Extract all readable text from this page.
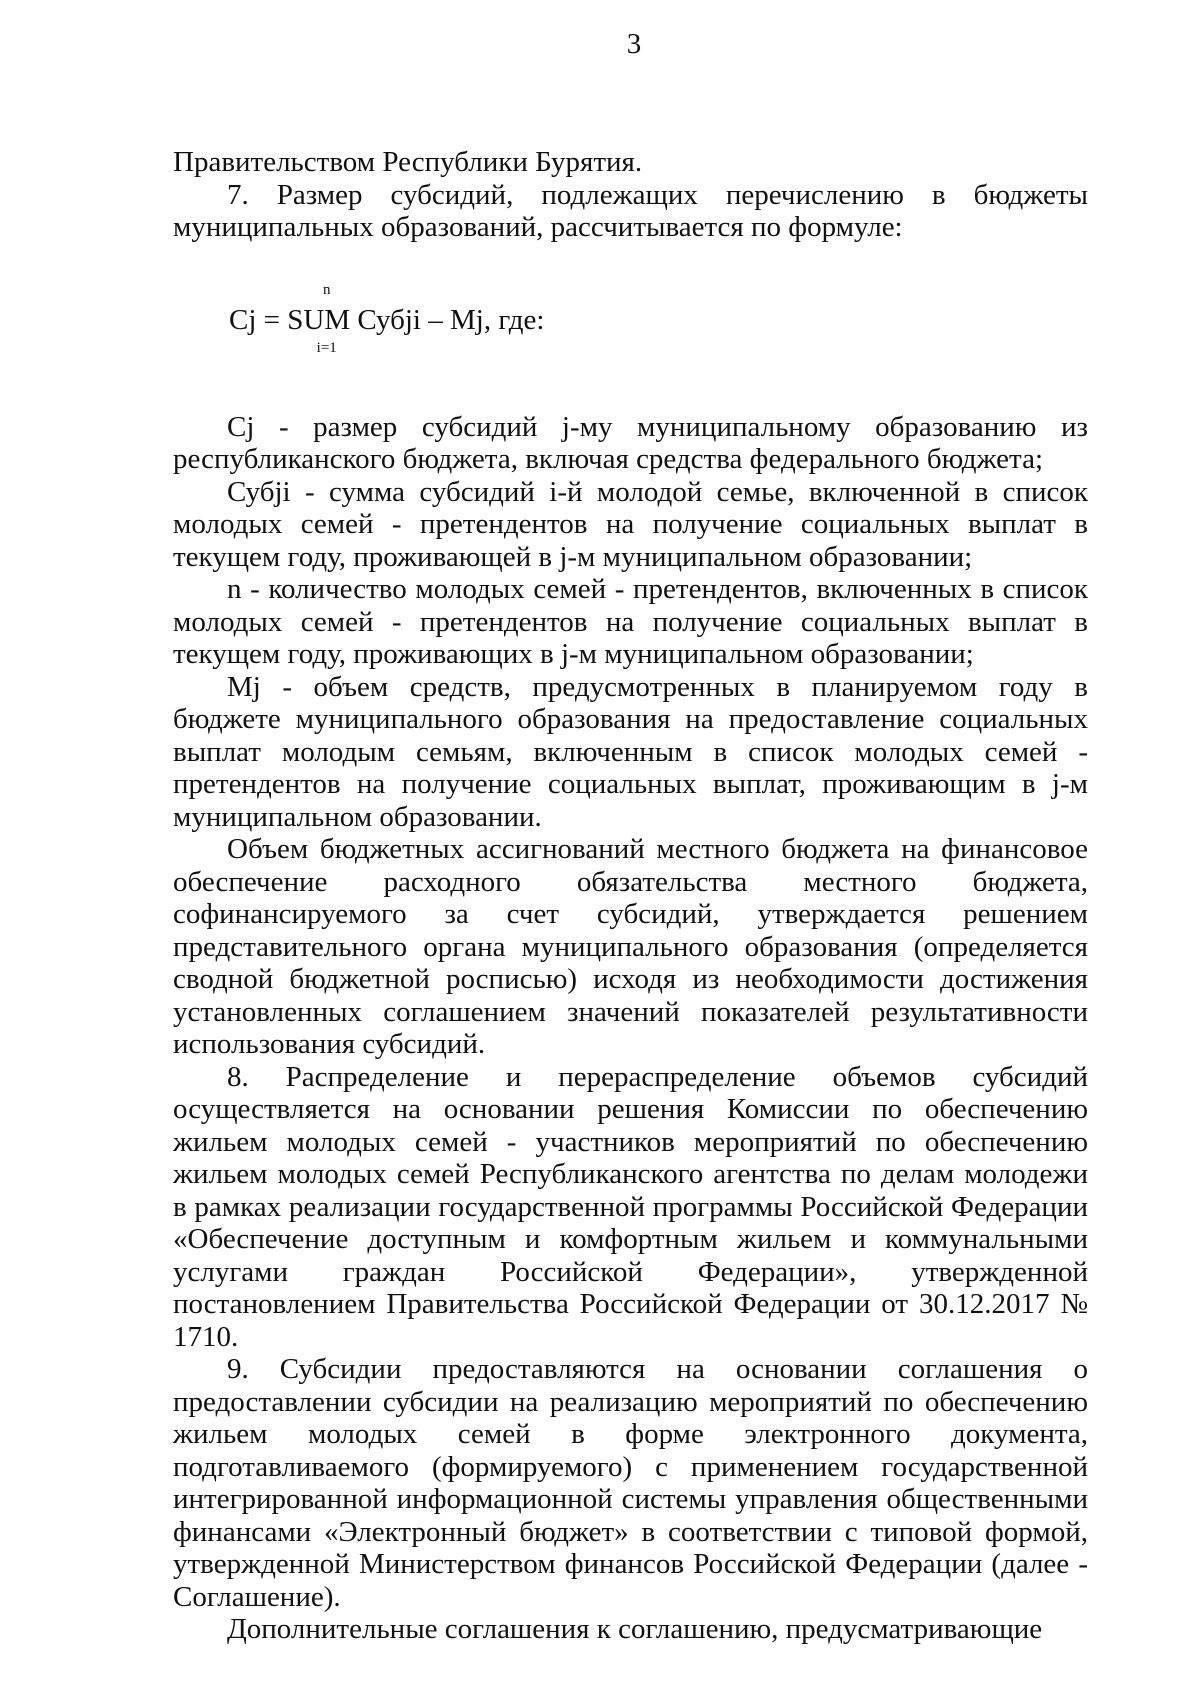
3

Правительством Республики Бурятия.

7. Размер субсидий, подлежащих перечислению в бюджеты муниципальных образований, рассчитывается по формуле:

Cj = SUM
n
i=1
Субji – Mj, где:

Cj - размер субсидий j-му муниципальному образованию из республиканского бюджета, включая средства федерального бюджета;

Субji - сумма субсидий i-й молодой семье, включенной в список молодых семей - претендентов на получение социальных выплат в текущем году, проживающей в j-м муниципальном образовании;

n - количество молодых семей - претендентов, включенных в список молодых семей - претендентов на получение социальных выплат в текущем году, проживающих в j-м муниципальном образовании;

Mj - объем средств, предусмотренных в планируемом году в бюджете муниципального образования на предоставление социальных выплат молодым семьям, включенным в список молодых семей - претендентов на получение социальных выплат, проживающим в j-м муниципальном образовании.

Объем бюджетных ассигнований местного бюджета на финансовое обеспечение расходного обязательства местного бюджета, софинансируемого за счет субсидий, утверждается решением представительного органа муниципального образования (определяется сводной бюджетной росписью) исходя из необходимости достижения установленных соглашением значений показателей результативности использования субсидий.

8. Распределение и перераспределение объемов субсидий осуществляется на основании решения Комиссии по обеспечению жильем молодых семей - участников мероприятий по обеспечению жильем молодых семей Республиканского агентства по делам молодежи в рамках реализации государственной программы Российской Федерации «Обеспечение доступным и комфортным жильем и коммунальными услугами граждан Российской Федерации», утвержденной постановлением Правительства Российской Федерации от 30.12.2017 № 1710.

9. Субсидии предоставляются на основании соглашения о предоставлении субсидии на реализацию мероприятий по обеспечению жильем молодых семей в форме электронного документа, подготавливаемого (формируемого) с применением государственной интегрированной информационной системы управления общественными финансами «Электронный бюджет» в соответствии с типовой формой, утвержденной Министерством финансов Российской Федерации (далее - Соглашение).

Дополнительные соглашения к соглашению, предусматривающие
